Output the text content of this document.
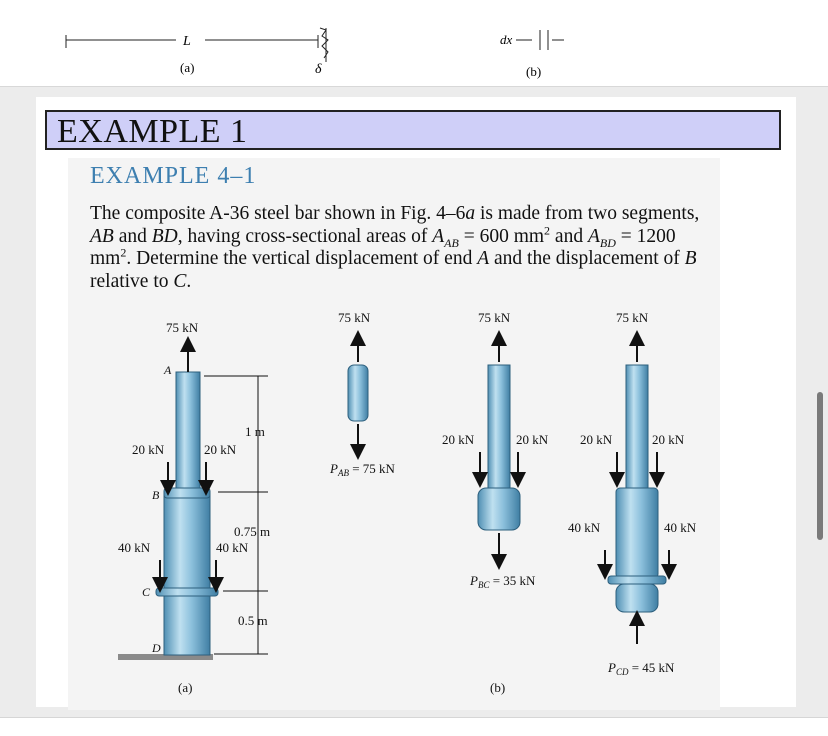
L
(a)	δ
dx
(b)
EXAMPLE 1
EXAMPLE 4–1
The composite A-36 steel bar shown in Fig. 4–6a is made from two segments, AB and BD, having cross-sectional areas of $A_{AB} = 600$ $mm^2$ and $A_{BD} = 1200$ $mm^2$. Determine the vertical displacement of end A and the displacement of B relative to C.
75 kN
A
B
C
D
20 kN	20 kN
40 kN	40 kN
1 m
0.75 m
0.5 m
(a)
75 kN
$P_{AB} = 75$ kN
75 kN
20 kN	20 kN
$P_{BC} = 35$ kN
75 kN
20 kN	20 kN
40 kN	40 kN
$P_{CD} = 45$ kN
(b)
